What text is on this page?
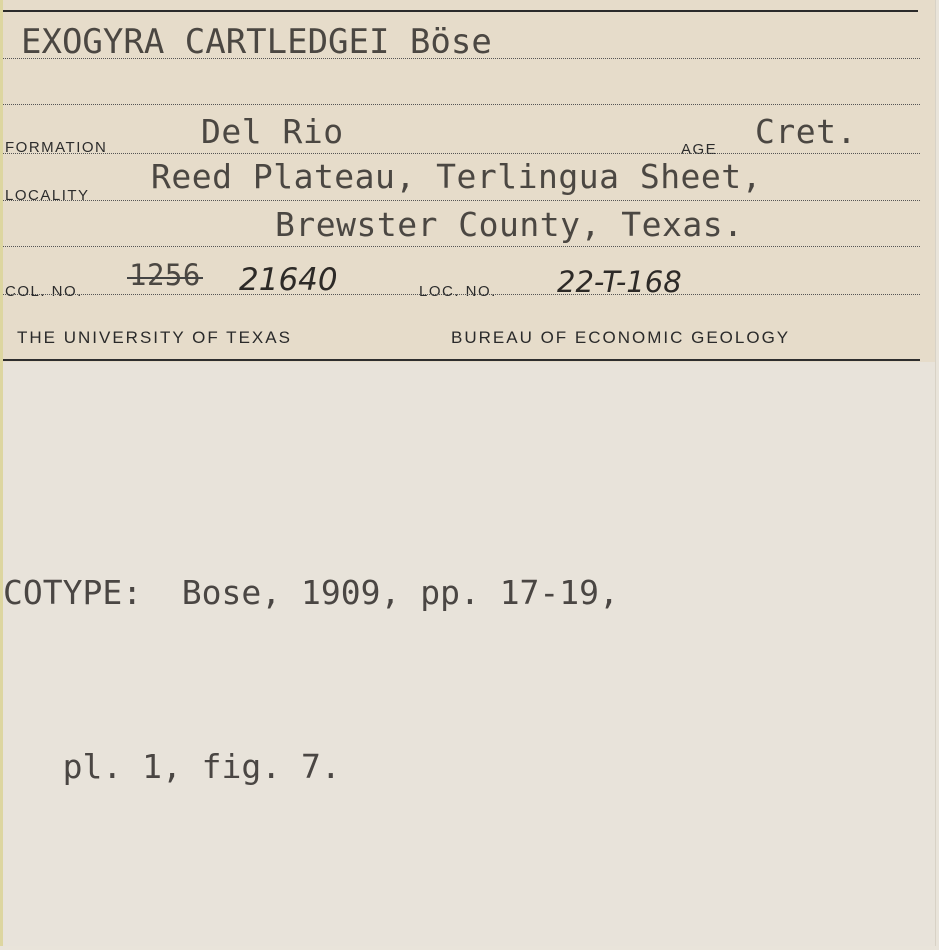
EXOGYRA CARTLEDGEI Böse
FORMATION	Del Rio	AGE Cret.
LOCALITY Reed Plateau, Terlingua Sheet,
Brewster County, Texas.
COL. NO. 1256 21640	LOC. NO. 22-T-168
THE UNIVERSITY OF TEXAS	BUREAU OF ECONOMIC GEOLOGY

COTYPE:  Bose, 1909, pp. 17-19,

pl. 1, fig. 7.
